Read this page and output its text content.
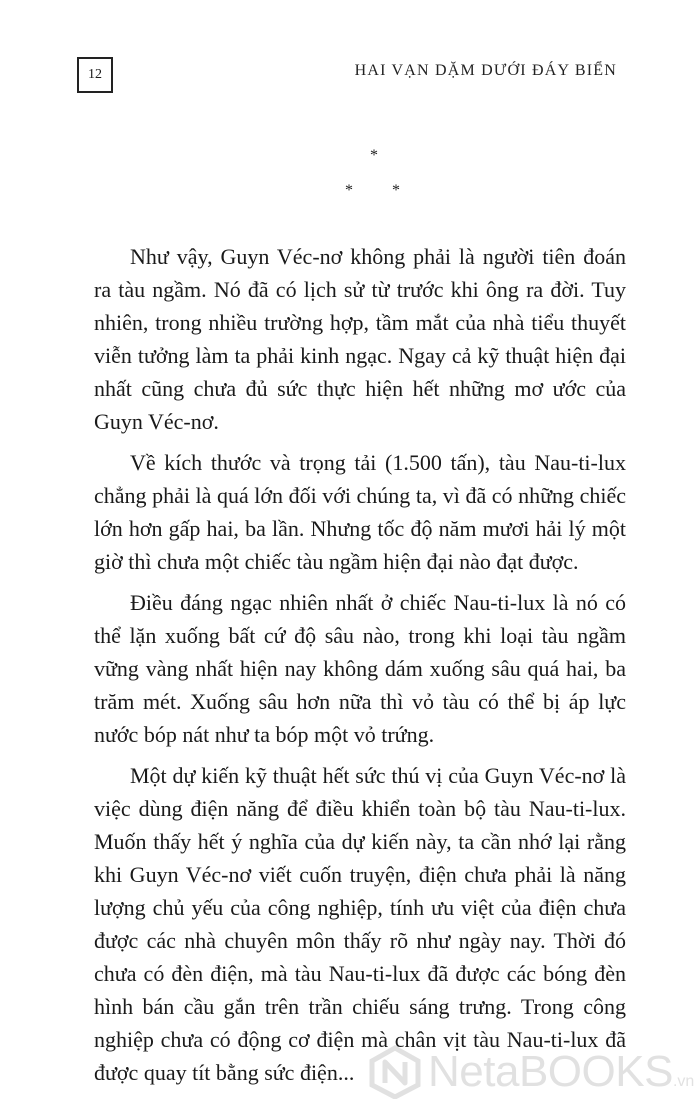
12	HAI VẠN DẶM DƯỚI ĐÁY BIỂN
*
* *

Như vậy, Guyn Véc-nơ không phải là người tiên đoán ra tàu ngầm. Nó đã có lịch sử từ trước khi ông ra đời. Tuy nhiên, trong nhiều trường hợp, tầm mắt của nhà tiểu thuyết viễn tưởng làm ta phải kinh ngạc. Ngay cả kỹ thuật hiện đại nhất cũng chưa đủ sức thực hiện hết những mơ ước của Guyn Véc-nơ.

Về kích thước và trọng tải (1.500 tấn), tàu Nau-ti-lux chẳng phải là quá lớn đối với chúng ta, vì đã có những chiếc lớn hơn gấp hai, ba lần. Nhưng tốc độ năm mươi hải lý một giờ thì chưa một chiếc tàu ngầm hiện đại nào đạt được.

Điều đáng ngạc nhiên nhất ở chiếc Nau-ti-lux là nó có thể lặn xuống bất cứ độ sâu nào, trong khi loại tàu ngầm vững vàng nhất hiện nay không dám xuống sâu quá hai, ba trăm mét. Xuống sâu hơn nữa thì vỏ tàu có thể bị áp lực nước bóp nát như ta bóp một vỏ trứng.

Một dự kiến kỹ thuật hết sức thú vị của Guyn Véc-nơ là việc dùng điện năng để điều khiển toàn bộ tàu Nau-ti-lux. Muốn thấy hết ý nghĩa của dự kiến này, ta cần nhớ lại rằng khi Guyn Véc-nơ viết cuốn truyện, điện chưa phải là năng lượng chủ yếu của công nghiệp, tính ưu việt của điện chưa được các nhà chuyên môn thấy rõ như ngày nay. Thời đó chưa có đèn điện, mà tàu Nau-ti-lux đã được các bóng đèn hình bán cầu gắn trên trần chiếu sáng trưng. Trong công nghiệp chưa có động cơ điện mà chân vịt tàu Nau-ti-lux đã được quay tít bằng sức điện...	NetaBOOKS .vn
